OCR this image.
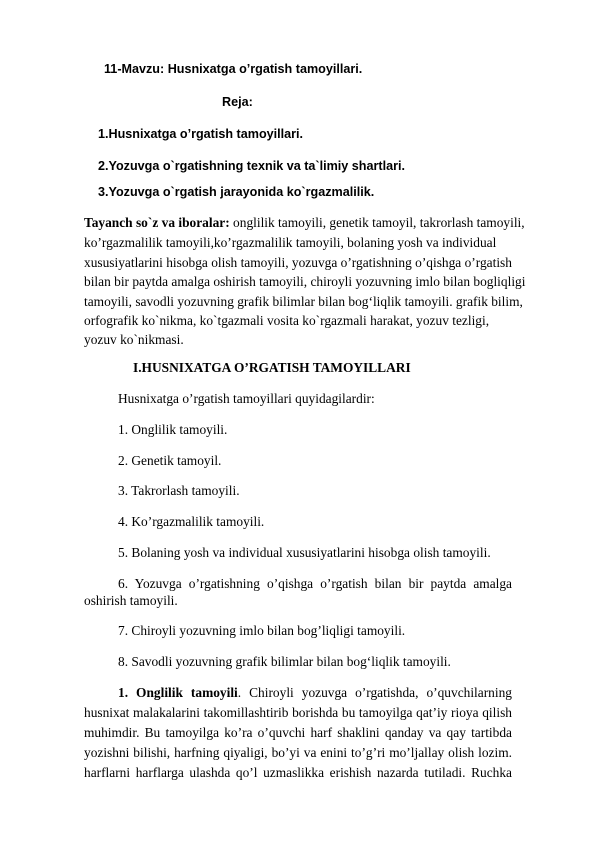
11-Mavzu: Husnixatga o’rgatish tamoyillari.
Reja:
1.Husnixatga o’rgatish tamoyillari.
2.Yozuvga o`rgatishning texnik va ta`limiy shartlari.
3.Yozuvga o`rgatish jarayonida ko`rgazmalilik.
Tayanch so`z va iboralar: onglilik tamoyili, genetik tamoyil, takrorlash tamoyili,
ko’rgazmalilik tamoyili,ko’rgazmalilik tamoyili, bolaning yosh va individual
xususiyatlarini hisobga olish tamoyili, yozuvga o’rgatishning o’qishga o’rgatish
bilan bir paytda amalga oshirish tamoyili, chiroyli yozuvning imlo bilan bogliqligi
tamoyili, savodli yozuvning grafik bilimlar bilan bog‘liqlik tamoyili. grafik bilim,
orfografik ko`nikma, ko`tgazmali vosita ko`rgazmali harakat, yozuv tezligi,
yozuv ko`nikmasi.
I.HUSNIXATGA O’RGATISH TAMOYILLARI
Husnixatga o’rgatish tamoyillari quyidagilardir:
1. Onglilik tamoyili.
2. Genetik tamoyil.
3. Takrorlash tamoyili.
4. Ko’rgazmalilik tamoyili.
5. Bolaning yosh va individual xususiyatlarini hisobga olish tamoyili.
6. Yozuvga o’rgatishning o’qishga o’rgatish bilan bir paytda amalga
oshirish tamoyili.
7. Chiroyli yozuvning imlo bilan bog’liqligi tamoyili.
8. Savodli yozuvning grafik bilimlar bilan bog‘liqlik tamoyili.
1. Onglilik tamoyili. Chiroyli yozuvga o’rgatishda, o’quvchilarning
husnixat malakalarini takomillashtirib borishda bu tamoyilga qat’iy rioya qilish
muhimdir. Bu tamoyilga ko’ra o’quvchi harf shaklini qanday va qay tartibda
yozishni bilishi, harfning qiyaligi, bo’yi va enini to’g’ri mo’ljallay olish lozim.
harflarni harflarga ulashda qo’l uzmaslikka erishish nazarda tutiladi. Ruchka
